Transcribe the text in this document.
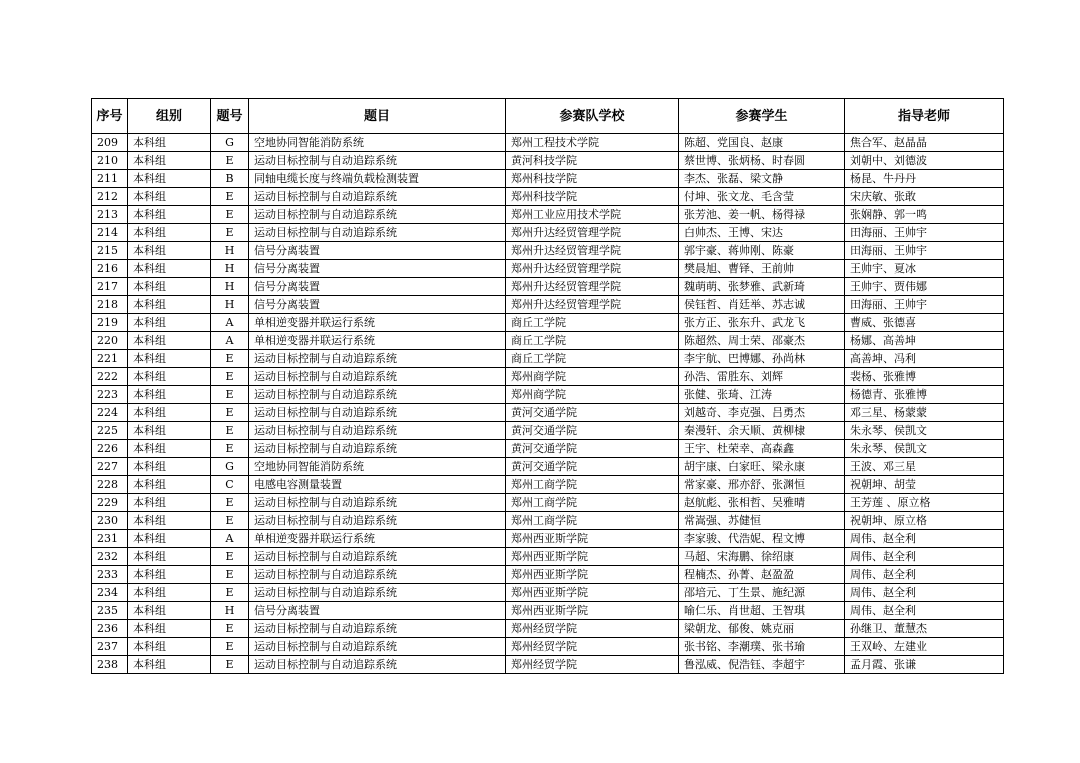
序号	组别	题号	题目	参赛队学校	参赛学生	指导老师
209	本科组	G	空地协同智能消防系统	郑州工程技术学院	陈超、党国良、赵康	焦合军、赵晶晶
210	本科组	E	运动目标控制与自动追踪系统	黄河科技学院	蔡世博、张炳杨、时春圆	刘朝中、刘德波
211	本科组	B	同轴电缆长度与终端负载检测装置	郑州科技学院	李杰、张磊、梁文静	杨昆、牛丹丹
212	本科组	E	运动目标控制与自动追踪系统	郑州科技学院	付坤、张文龙、毛含莹	宋庆敏、张敢
213	本科组	E	运动目标控制与自动追踪系统	郑州工业应用技术学院	张芳池、姜一帆、杨得禄	张娴静、郭一鸣
214	本科组	E	运动目标控制与自动追踪系统	郑州升达经贸管理学院	白帅杰、王博、宋达	田海丽、王帅宇
215	本科组	H	信号分离装置	郑州升达经贸管理学院	郭宇豪、蒋帅刚、陈豪	田海丽、王帅宇
216	本科组	H	信号分离装置	郑州升达经贸管理学院	樊晨旭、曹铎、王前帅	王帅宇、夏冰
217	本科组	H	信号分离装置	郑州升达经贸管理学院	魏萌萌、张梦雅、武新琦	王帅宇、贾伟娜
218	本科组	H	信号分离装置	郑州升达经贸管理学院	侯钰哲、肖廷举、苏志诚	田海丽、王帅宇
219	本科组	A	单相逆变器并联运行系统	商丘工学院	张方正、张东升、武龙飞	曹威、张德喜
220	本科组	A	单相逆变器并联运行系统	商丘工学院	陈超然、周士荣、邵豪杰	杨娜、高善坤
221	本科组	E	运动目标控制与自动追踪系统	商丘工学院	李宇航、巴博娜、孙尚林	高善坤、冯利
222	本科组	E	运动目标控制与自动追踪系统	郑州商学院	孙浩、雷胜东、刘辉	裴杨、张雅博
223	本科组	E	运动目标控制与自动追踪系统	郑州商学院	张健、张琦、江涛	杨德青、张雅博
224	本科组	E	运动目标控制与自动追踪系统	黄河交通学院	刘越奇、李克强、吕勇杰	邓三星、杨蒙蒙
225	本科组	E	运动目标控制与自动追踪系统	黄河交通学院	秦漫轩、余天顺、黄柳棣	朱永琴、侯凯文
226	本科组	E	运动目标控制与自动追踪系统	黄河交通学院	王宇、杜荣幸、高森鑫	朱永琴、侯凯文
227	本科组	G	空地协同智能消防系统	黄河交通学院	胡宇康、白家旺、梁永康	王波、邓三星
228	本科组	C	电感电容测量装置	郑州工商学院	常家豪、邢亦舒、张渊恒	祝朝坤、胡莹
229	本科组	E	运动目标控制与自动追踪系统	郑州工商学院	赵航彪、张相哲、吴雅晴	王芳莲 、原立格
230	本科组	E	运动目标控制与自动追踪系统	郑州工商学院	常嵩强、苏健恒	祝朝坤、原立格
231	本科组	A	单相逆变器并联运行系统	郑州西亚斯学院	李家骏、代浩妮、程文博	周伟、赵全利
232	本科组	E	运动目标控制与自动追踪系统	郑州西亚斯学院	马超、宋海鹏、徐绍康	周伟、赵全利
233	本科组	E	运动目标控制与自动追踪系统	郑州西亚斯学院	程楠杰、孙菁、赵盈盈	周伟、赵全利
234	本科组	E	运动目标控制与自动追踪系统	郑州西亚斯学院	邵培元、丁生景、施纪源	周伟、赵全利
235	本科组	H	信号分离装置	郑州西亚斯学院	喻仁乐、肖世超、王智琪	周伟、赵全利
236	本科组	E	运动目标控制与自动追踪系统	郑州经贸学院	梁朝龙、郁俊、姚克丽	孙继卫、董慧杰
237	本科组	E	运动目标控制与自动追踪系统	郑州经贸学院	张书铭、李潮璞、张书瑜	王双岭、左建业
238	本科组	E	运动目标控制与自动追踪系统	郑州经贸学院	鲁泓威、倪浩钰、李超宇	孟月霞、张谦
